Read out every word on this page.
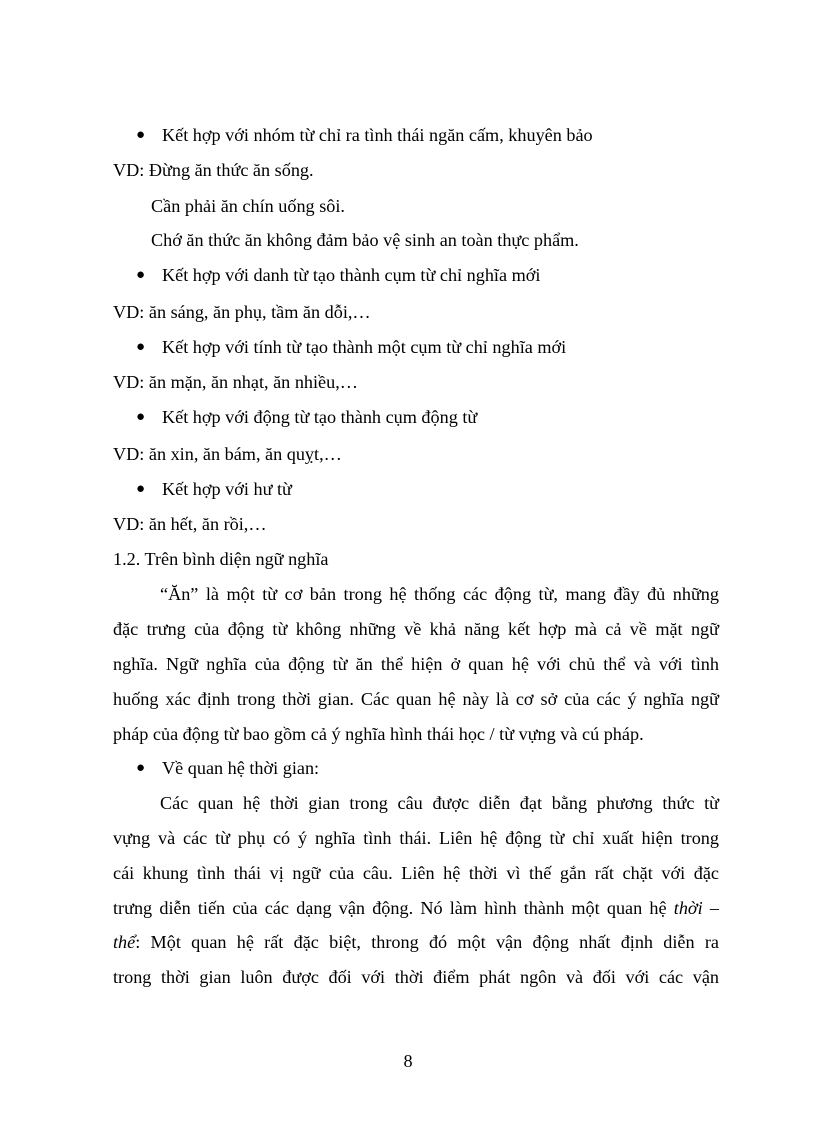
● Kết hợp với nhóm từ chỉ ra tình thái ngăn cấm, khuyên bảo
VD: Đừng ăn thức ăn sống.
Cần phải ăn chín uống sôi.
Chớ ăn thức ăn không đảm bảo vệ sinh an toàn thực phẩm.
● Kết hợp với danh từ tạo thành cụm từ chỉ nghĩa mới
VD: ăn sáng, ăn phụ, tầm ăn dỗi,…
● Kết hợp với tính từ tạo thành một cụm từ chỉ nghĩa mới
VD: ăn mặn, ăn nhạt, ăn nhiều,…
● Kết hợp với động từ tạo thành cụm động từ
VD: ăn xin, ăn bám, ăn quỵt,…
● Kết hợp với hư từ
VD: ăn hết, ăn rồi,…
1.2. Trên bình diện ngữ nghĩa
“Ăn” là một từ cơ bản trong hệ thống các động từ, mang đầy đủ những
đặc trưng của động từ không những về khả năng kết hợp mà cả về mặt ngữ
nghĩa. Ngữ nghĩa của động từ ăn thể hiện ở quan hệ với chủ thể và với tình
huống xác định trong thời gian. Các quan hệ này là cơ sở của các ý nghĩa ngữ
pháp của động từ bao gồm cả ý nghĩa hình thái học / từ vựng và cú pháp.
● Về quan hệ thời gian:
Các quan hệ thời gian trong câu được diễn đạt bằng phương thức từ
vựng và các từ phụ có ý nghĩa tình thái. Liên hệ động từ chỉ xuất hiện trong
cái khung tình thái vị ngữ của câu. Liên hệ thời vì thế gắn rất chặt với đặc
trưng diễn tiến của các dạng vận động. Nó làm hình thành một quan hệ thời –
thể: Một quan hệ rất đặc biệt, throng đó một vận động nhất định diễn ra
trong thời gian luôn được đối với thời điểm phát ngôn và đối với các vận
8
